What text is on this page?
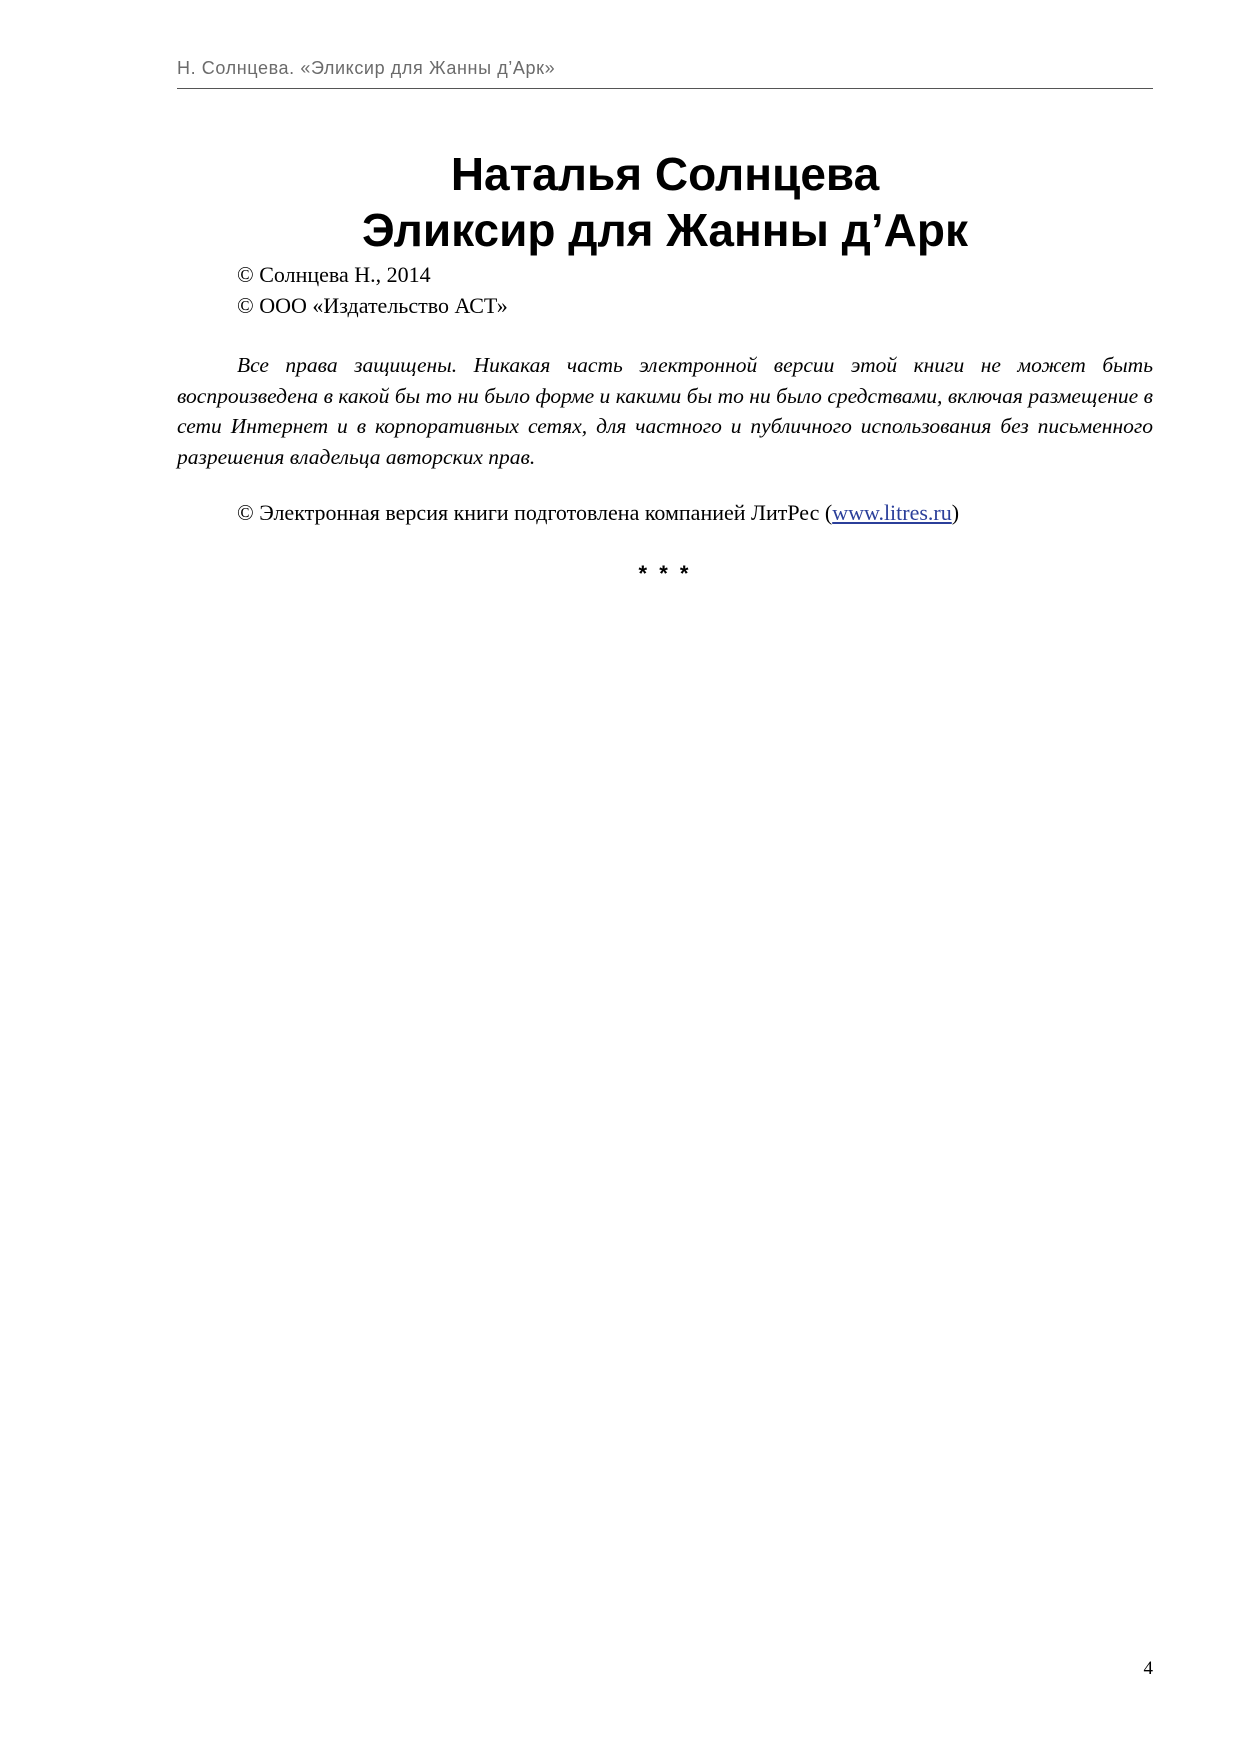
Н. Солнцева. «Эликсир для Жанны д’Арк»
Наталья Солнцева
Эликсир для Жанны д’Арк
© Солнцева Н., 2014
© ООО «Издательство АСТ»

Все права защищены. Никакая часть электронной версии этой книги не может быть воспроизведена в какой бы то ни было форме и какими бы то ни было средствами, включая размещение в сети Интернет и в корпоративных сетях, для частного и публичного использования без письменного разрешения владельца авторских прав.

© Электронная версия книги подготовлена компанией ЛитРес (www.litres.ru)
* * *
4
